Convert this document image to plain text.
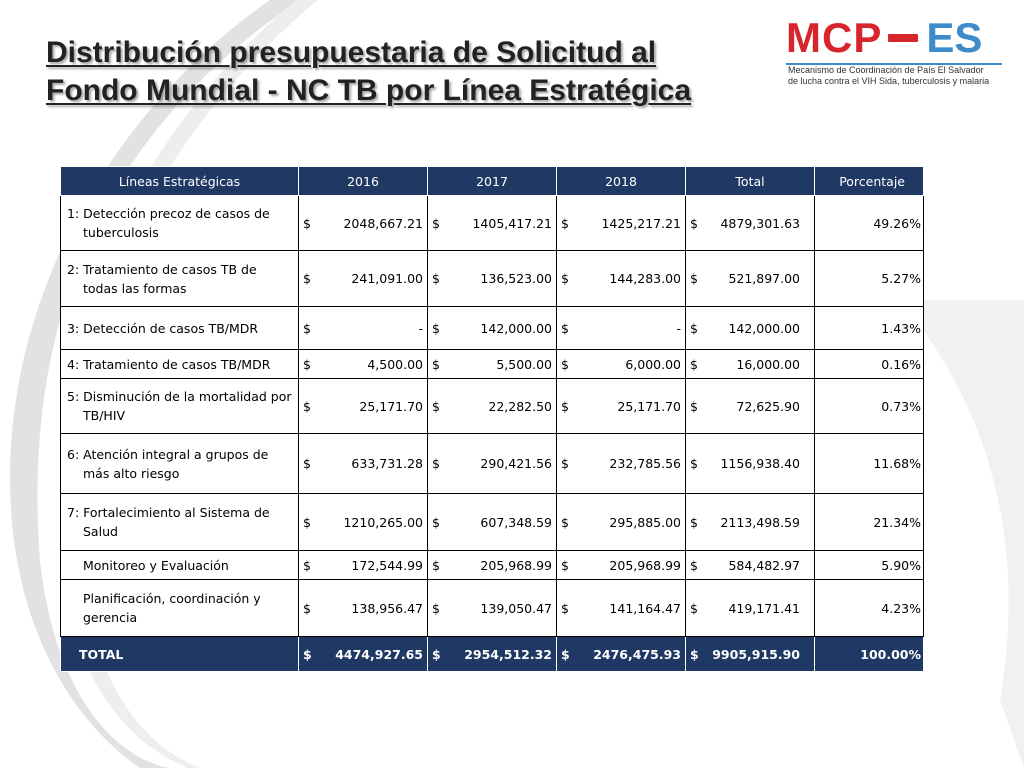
Distribución presupuestaria de Solicitud al
Fondo Mundial - NC TB por Línea Estratégica
MCP ES
Mecanismo de Coordinación de País El Salvador
de lucha contra el VIH Sida, tuberculosis y malaria
Líneas Estratégicas	2016		2017		2018		Total		Porcentaje

1: Detección precoz de casos de tuberculosis	$	2048,667.21	$	1405,417.21	$	1425,217.21	$	4879,301.63	49.26%

2: Tratamiento de casos TB de todas las formas	$	241,091.00	$	136,523.00	$	144,283.00	$	521,897.00	5.27%

3: Detección de casos TB/MDR	$	-	$	142,000.00	$	-	$	142,000.00	1.43%

4: Tratamiento de casos TB/MDR	$	4,500.00	$	5,500.00	$	6,000.00	$	16,000.00	0.16%

5: Disminución de la mortalidad por TB/HIV	$	25,171.70	$	22,282.50	$	25,171.70	$	72,625.90	0.73%

6: Atención integral a grupos de más alto riesgo	$	633,731.28	$	290,421.56	$	232,785.56	$	1156,938.40	11.68%

7: Fortalecimiento al Sistema de Salud	$	1210,265.00	$	607,348.59	$	295,885.00	$	2113,498.59	21.34%

Monitoreo y Evaluación	$	172,544.99	$	205,968.99	$	205,968.99	$	584,482.97	5.90%

Planificación, coordinación y gerencia	$	138,956.47	$	139,050.47	$	141,164.47	$	419,171.41	4.23%
TOTAL	$	4474,927.65	$	2954,512.32	$	2476,475.93	$	9905,915.90	100.00%
